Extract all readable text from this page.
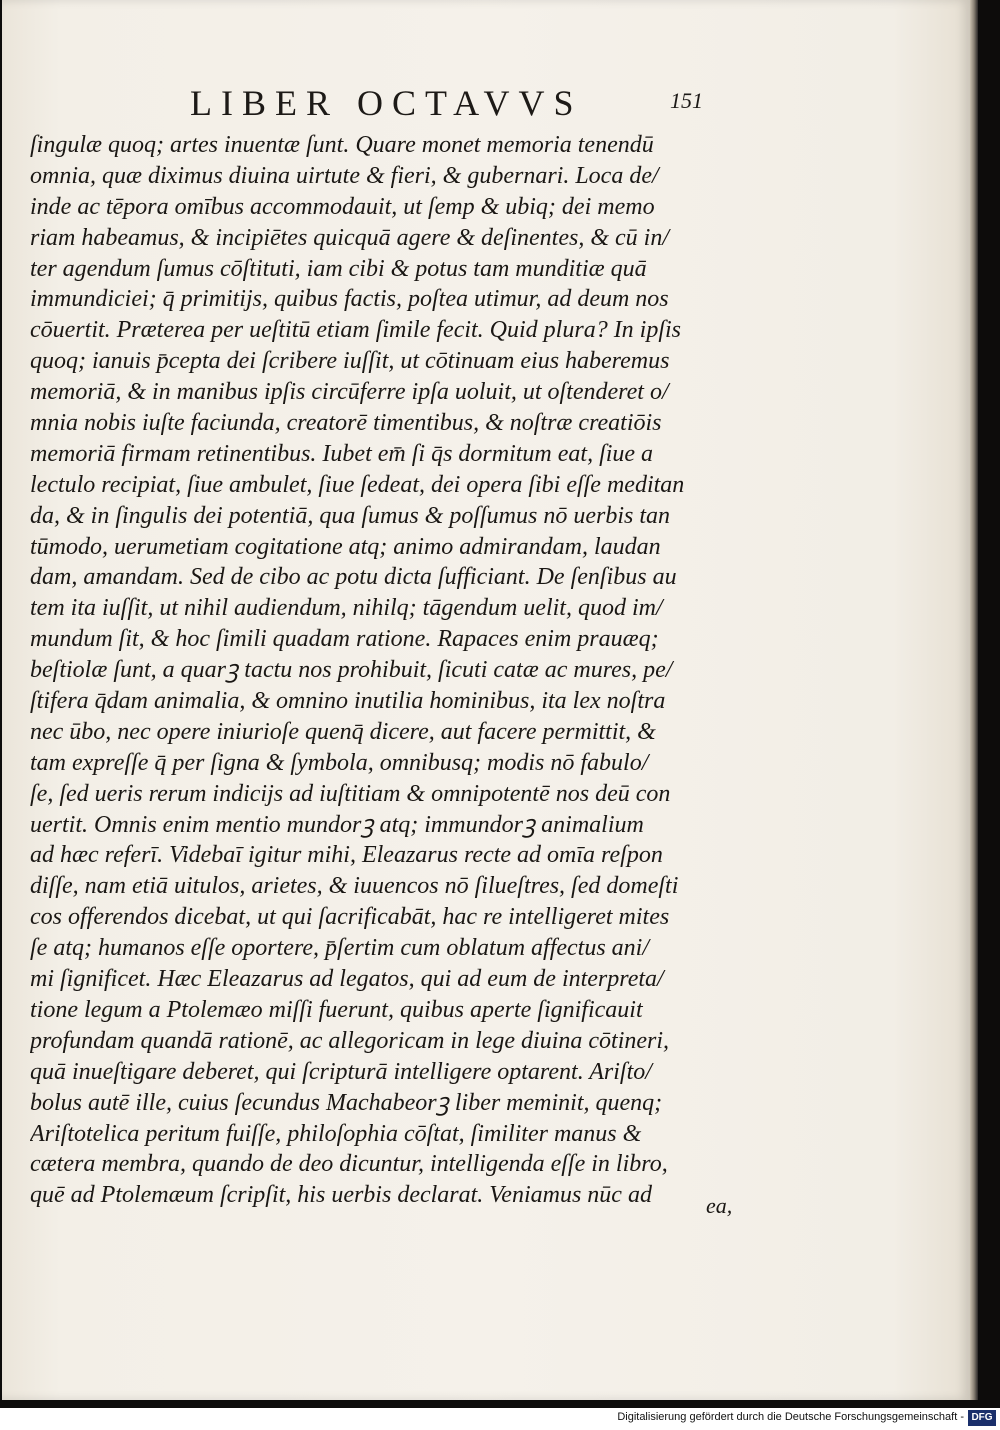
LIBER OCTAVVS	151
ſingulæ quoq; artes inuentæ ſunt. Quare monet memoria tenendū
omnia, quæ diximus diuina uirtute & fieri, & gubernari. Loca de/
inde ac tēpora omībus accommodauit, ut ſemp & ubiq; dei memo
riam habeamus, & incipiētes quicquā agere & deſinentes, & cū in/
ter agendum ſumus cōſtituti, iam cibi & potus tam munditiæ quā
immundiciei; q̄ primitijs, quibus factis, poſtea utimur, ad deum nos
cōuertit. Præterea per ueſtitū etiam ſimile fecit. Quid plura? In ipſis
quoq; ianuis p̄cepta dei ſcribere iuſſit, ut cōtinuam eius haberemus
memoriā, & in manibus ipſis circūferre ipſa uoluit, ut oſtenderet o/
mnia nobis iuſte faciunda, creatorē timentibus, & noſtræ creatiōis
memoriā firmam retinentibus. Iubet em̄ ſi q̄s dormitum eat, ſiue a
lectulo recipiat, ſiue ambulet, ſiue ſedeat, dei opera ſibi eſſe meditan
da, & in ſingulis dei potentiā, qua ſumus & poſſumus nō uerbis tan
tūmodo, uerumetiam cogitatione atq; animo admirandam, laudan
dam, amandam. Sed de cibo ac potu dicta ſufficiant. De ſenſibus au
tem ita iuſſit, ut nihil audiendum, nihilq; tāgendum uelit, quod im/
mundum ſit, & hoc ſimili quadam ratione. Rapaces enim prauæq;
beſtiolæ ſunt, a quarꝫ tactu nos prohibuit, ſicuti catæ ac mures, pe/
ſtifera q̄dam animalia, & omnino inutilia hominibus, ita lex noſtra
nec ūbo, nec opere iniurioſe quenq̄ dicere, aut facere permittit, &
tam expreſſe q̄ per ſigna & ſymbola, omnibusq; modis nō fabulo/
ſe, ſed ueris rerum indicijs ad iuſtitiam & omnipotentē nos deū con
uertit. Omnis enim mentio mundorꝫ atq; immundorꝫ animalium
ad hæc referī. Videbaī igitur mihi, Eleazarus recte ad omīa reſpon
diſſe, nam etiā uitulos, arietes, & iuuencos nō ſilueſtres, ſed domeſti
cos offerendos dicebat, ut qui ſacrificabāt, hac re intelligeret mites
ſe atq; humanos eſſe oportere, p̄ſertim cum oblatum affectus ani/
mi ſignificet. Hæc Eleazarus ad legatos, qui ad eum de interpreta/
tione legum a Ptolemæo miſſi fuerunt, quibus aperte ſignificauit
profundam quandā rationē, ac allegoricam in lege diuina cōtineri,
quā inueſtigare deberet, qui ſcripturā intelligere optarent. Ariſto/
bolus autē ille, cuius ſecundus Machabeorꝫ liber meminit, quenq;
Ariſtotelica peritum fuiſſe, philoſophia cōſtat, ſimiliter manus &
cætera membra, quando de deo dicuntur, intelligenda eſſe in libro,
quē ad Ptolemæum ſcripſit, his uerbis declarat. Veniamus nūc ad	ea,
Digitalisierung gefördert durch die Deutsche Forschungsgemeinschaft - DFG
